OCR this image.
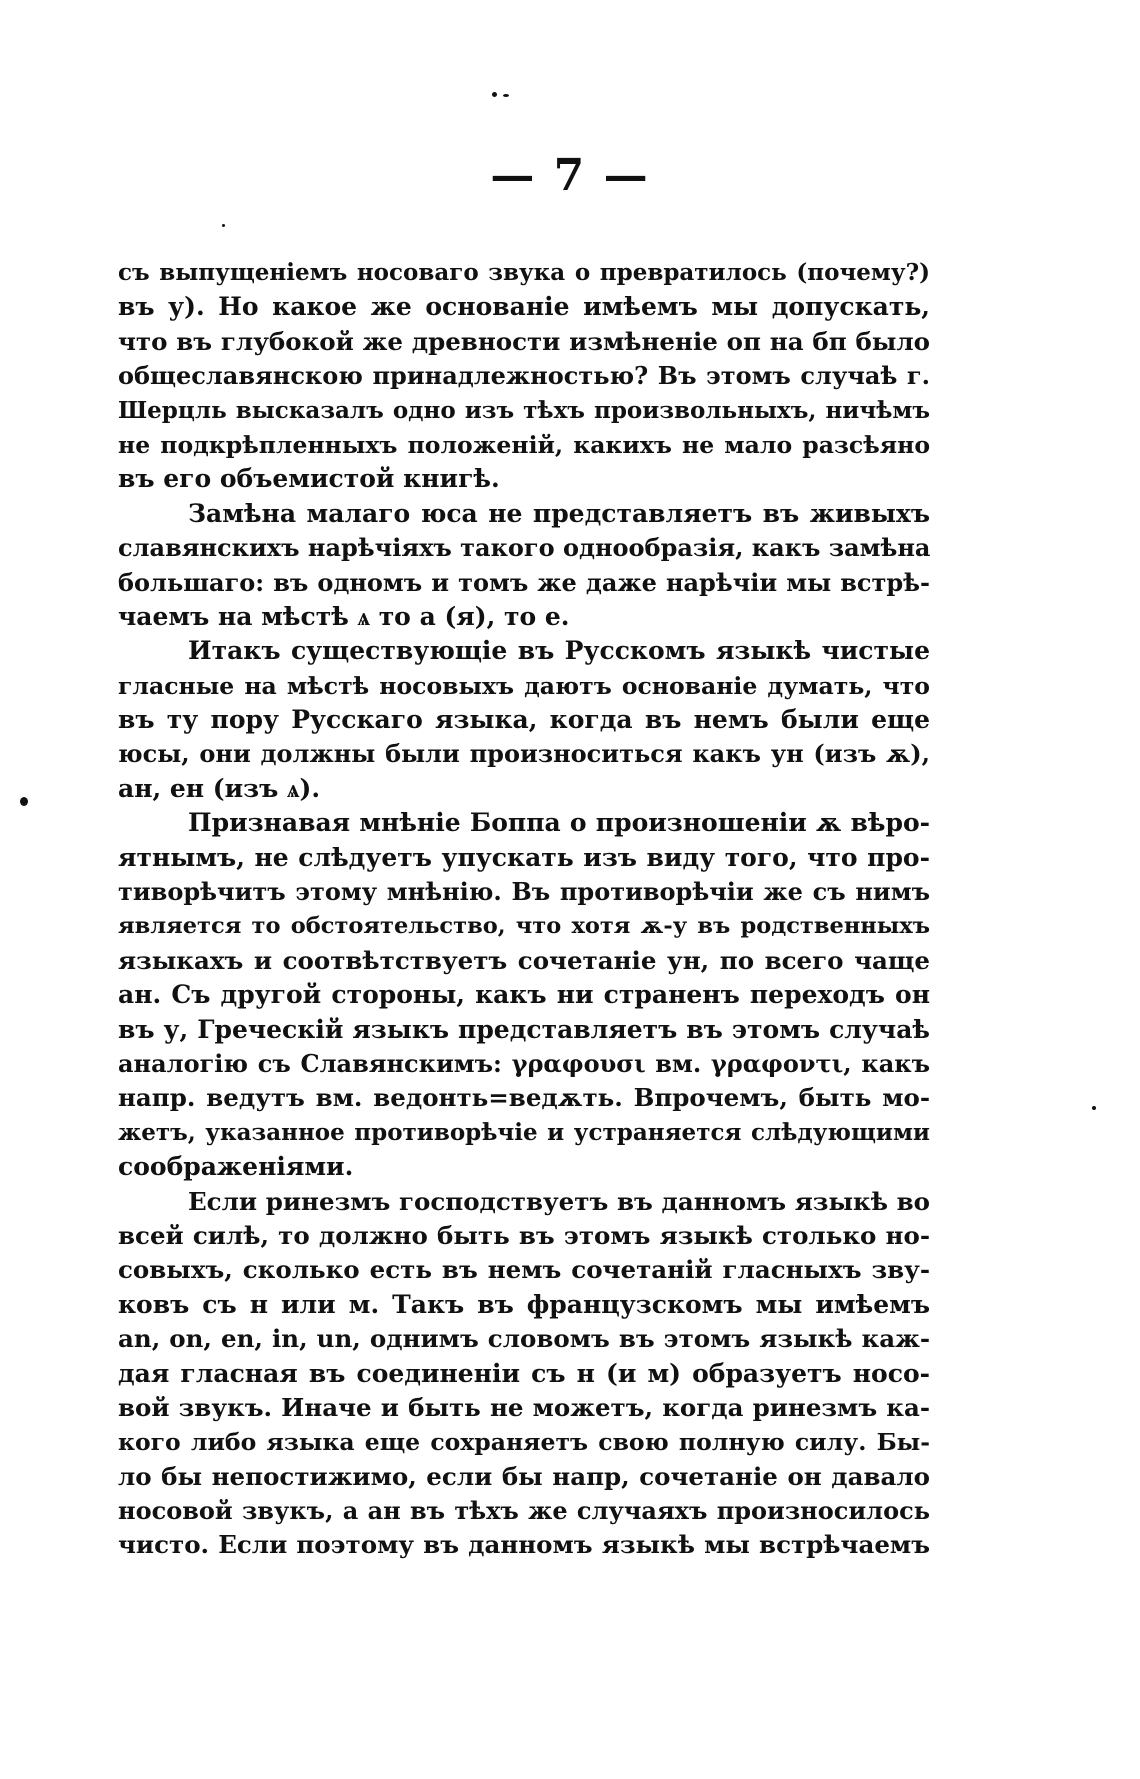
— 7 —
съ выпущеніемъ носоваго звука о превратилось (почему?)
въ у). Но какое же основаніе имѣемъ мы допускать,
что въ глубокой же древности измѣненіе оп на бп было
общеславянскою принадлежностью? Въ этомъ случаѣ г.
Шерцль высказалъ одно изъ тѣхъ произвольныхъ, ничѣмъ
не подкрѣпленныхъ положеній, какихъ не мало разсѣяно
въ его объемистой книгѣ.
Замѣна малаго юса не представляетъ въ живыхъ
славянскихъ нарѣчіяхъ такого однообразія, какъ замѣна
большаго: въ одномъ и томъ же даже нарѣчіи мы встрѣ-
чаемъ на мѣстѣ ѧ то а (я), то е.
Итакъ существующіе въ Русскомъ языкѣ чистые
гласные на мѣстѣ носовыхъ даютъ основаніе думать, что
въ ту пору Русскаго языка, когда въ немъ были еще
юсы, они должны были произноситься какъ ун (изъ ѫ),
ан, ен (изъ ѧ).
Признавая мнѣніе Боппа о произношеніи ѫ вѣро-
ятнымъ, не слѣдуетъ упускать изъ виду того, что про-
тиворѣчитъ этому мнѣнію. Въ противорѣчіи же съ нимъ
является то обстоятельство, что хотя ѫ-у въ родственныхъ
языкахъ и соотвѣтствуетъ сочетаніе ун, по всего чаще
ан. Съ другой стороны, какъ ни страненъ переходъ он
въ у, Греческій языкъ представляетъ въ этомъ случаѣ
аналогію съ Славянскимъ: γραφουσι вм. γραφοντι, какъ
напр. ведутъ вм. ведонть=ведѫть. Впрочемъ, быть мо-
жетъ, указанное противорѣчіе и устраняется слѣдующими
соображеніями.
Если ринезмъ господствуетъ въ данномъ языкѣ во
всей силѣ, то должно быть въ этомъ языкѣ столько но-
совыхъ, сколько есть въ немъ сочетаній гласныхъ зву-
ковъ съ н или м. Такъ въ французскомъ мы имѣемъ
an, on, en, in, un, однимъ словомъ въ этомъ языкѣ каж-
дая гласная въ соединеніи съ н (и м) образуетъ носо-
вой звукъ. Иначе и быть не можетъ, когда ринезмъ ка-
кого либо языка еще сохраняетъ свою полную силу. Бы-
ло бы непостижимо, если бы напр, сочетаніе он давало
носовой звукъ, а ан въ тѣхъ же случаяхъ произносилось
чисто. Если поэтому въ данномъ языкѣ мы встрѣчаемъ
